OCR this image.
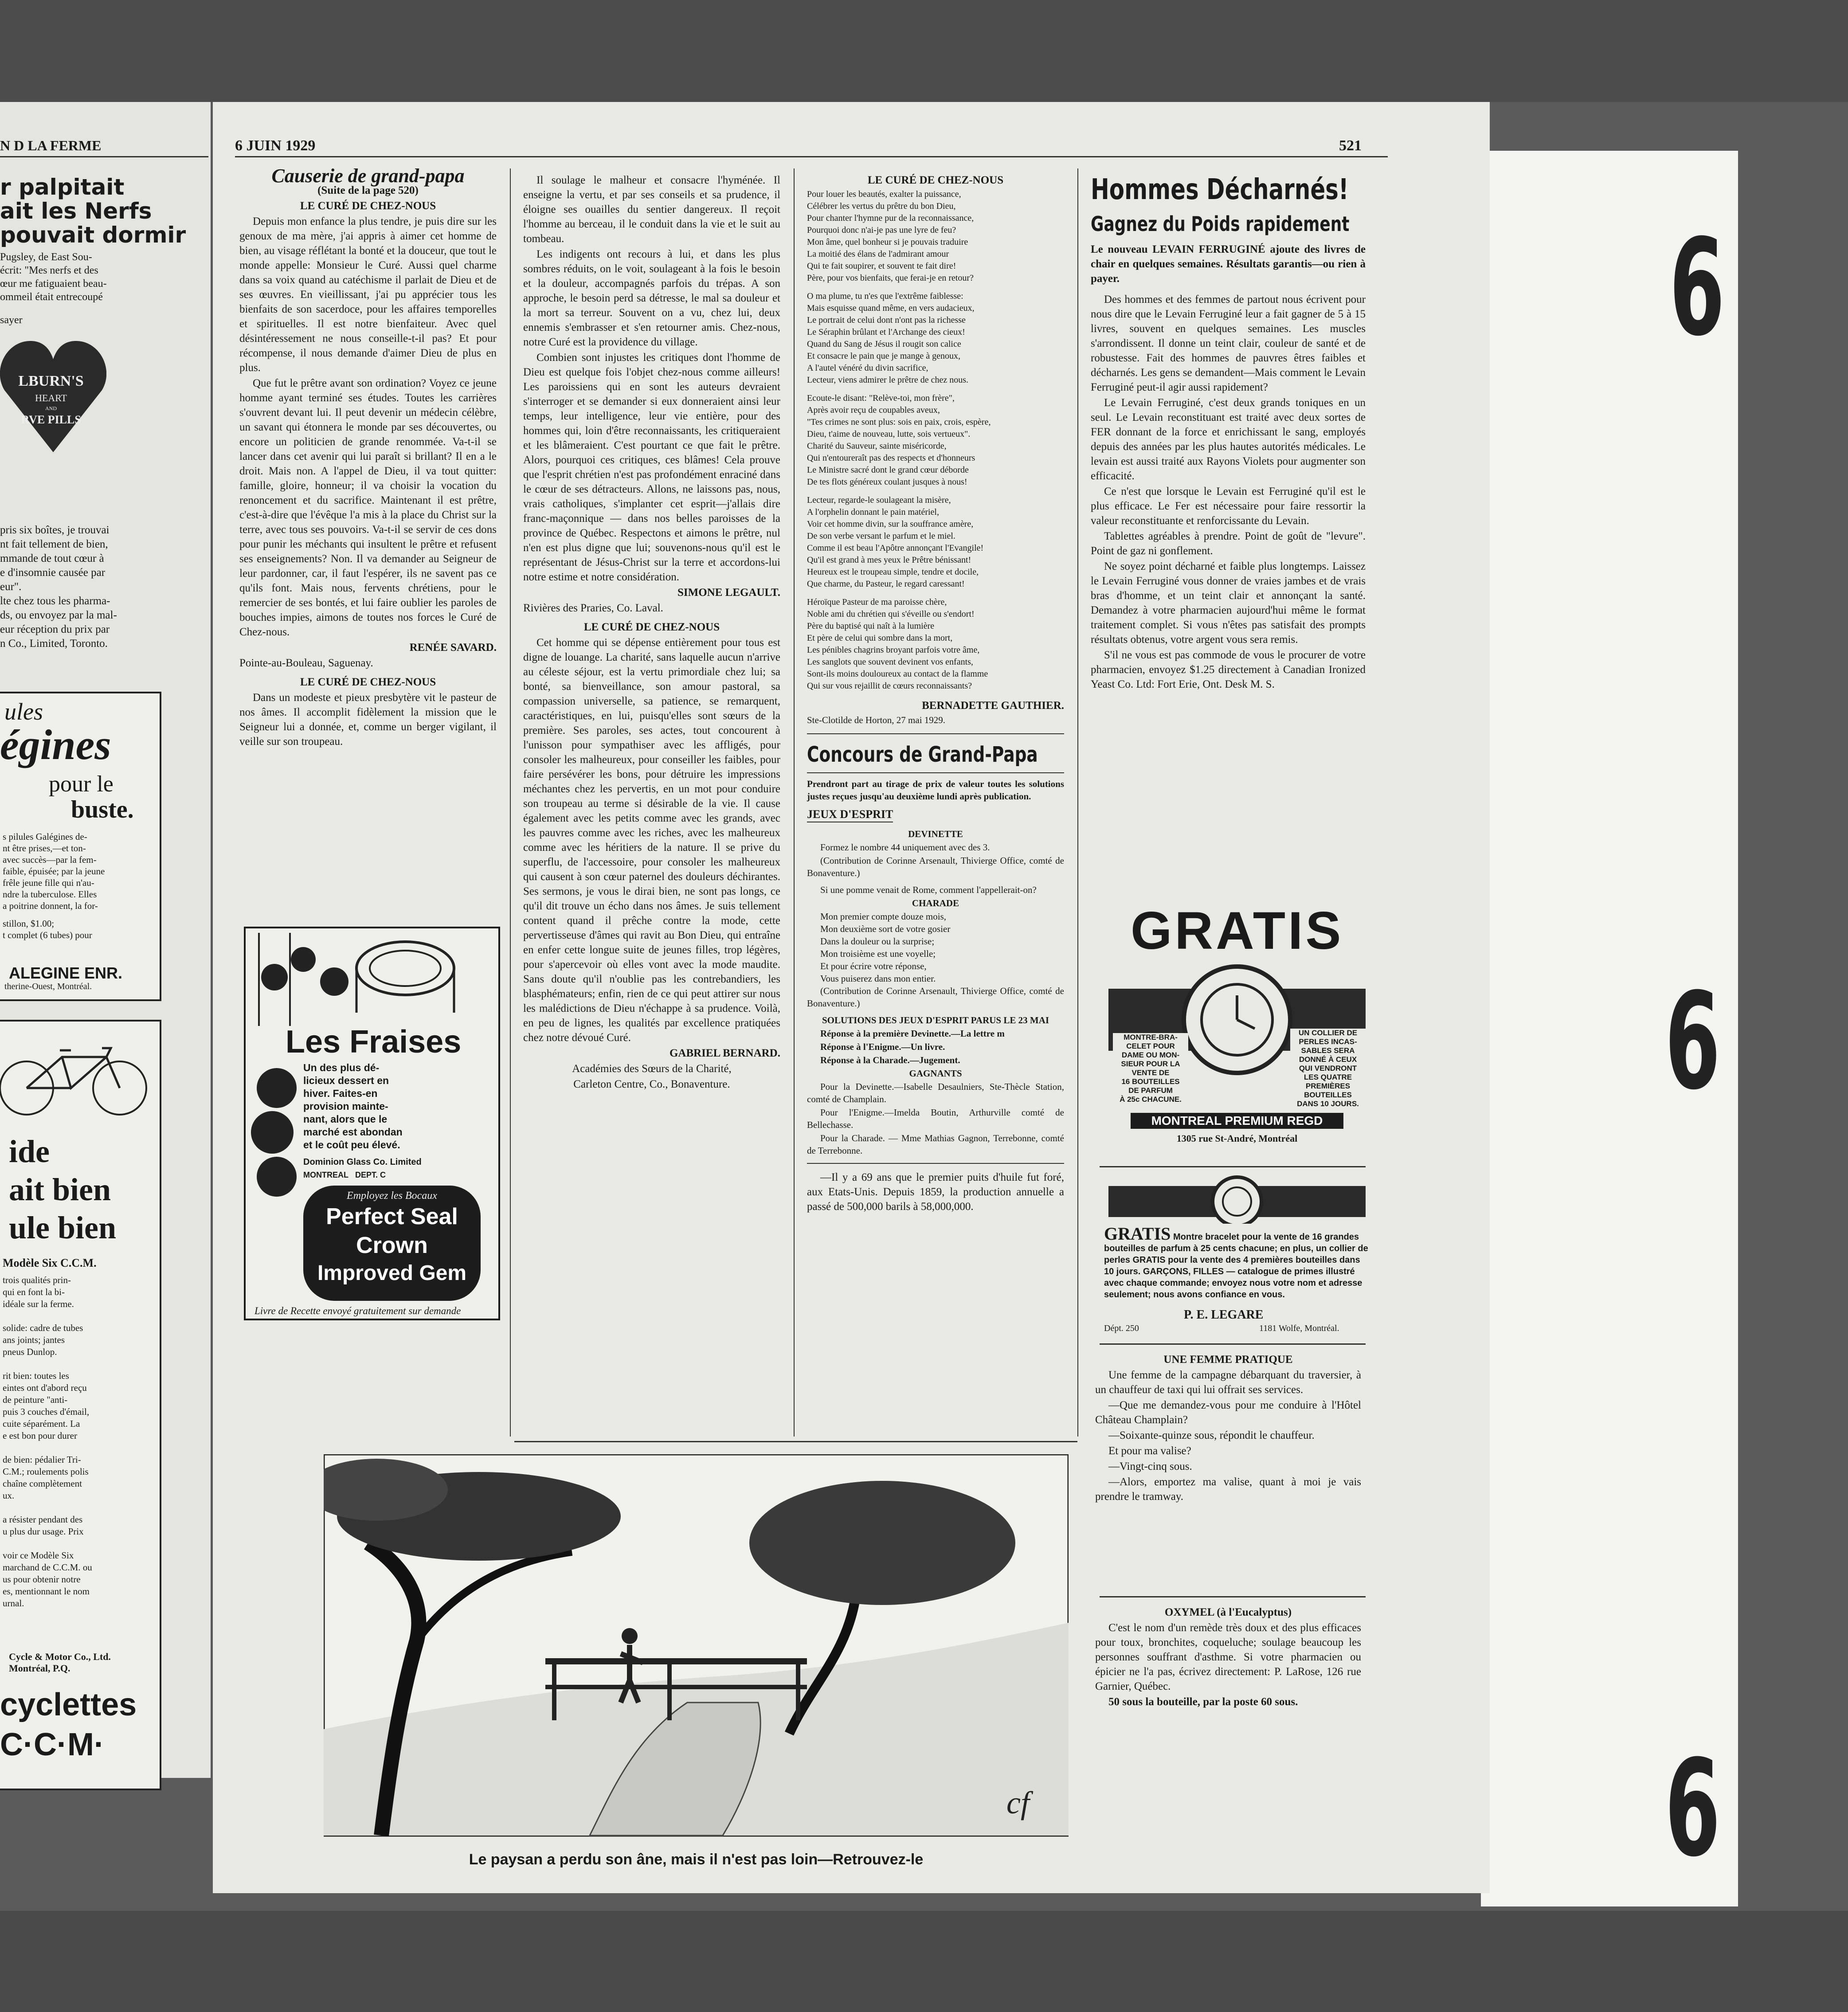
6
6
6
N D LA FERME
r palpitait
ait les Nerfs
pouvait dormir
Pugsley, de East Sou-
écrit: "Mes nerfs et des
œur me fatiguaient beau-
ommeil était entrecoupé
sayer
LBURN'S
HEART
AND
RVE PILLS
pris six boîtes, je trouvai
nt fait tellement de bien,
mmande de tout cœur à
e d'insomnie causée par
eur".
lte chez tous les pharma-
ds, ou envoyez par la mal-
eur réception du prix par
n Co., Limited, Toronto.
ules
égines
pour le
buste.
s pilules Galégines de-
nt être prises,—et ton-
avec succès—par la fem-
faible, épuisée; par la jeune
frêle jeune fille qui n'au-
ndre la tuberculose. Elles
a poitrine donnent, la for-
stillon, $1.00;
t complet (6 tubes) pour
ALEGINE ENR.
therine-Ouest, Montréal.
ide
ait bien
ule bien
Modèle Six C.C.M.
trois qualités prin-
qui en font la bi-
idéale sur la ferme.
solide: cadre de tubes
ans joints; jantes
pneus Dunlop.
rit bien: toutes les
eintes ont d'abord reçu
de peinture "anti-
puis 3 couches d'émail,
cuite séparément. La
e est bon pour durer
de bien: pédalier Tri-
C.M.; roulements polis
chaîne complètement
ux.
a résister pendant des
u plus dur usage. Prix
voir ce Modèle Six
marchand de C.C.M. ou
us pour obtenir notre
es, mentionnant le nom
urnal.
Cycle & Motor Co., Ltd.
Montréal, P.Q.
cyclettes
C·C·M·
6 JUIN 1929	521
Causerie de grand-papa

(Suite de la page 520)

LE CURÉ DE CHEZ-NOUS

Depuis mon enfance la plus tendre, je puis dire sur les genoux de ma mère, j'ai appris à aimer cet homme de bien, au visage réflétant la bonté et la douceur, que tout le monde appelle: Monsieur le Curé. Aussi quel charme dans sa voix quand au catéchisme il parlait de Dieu et de ses œuvres. En vieillissant, j'ai pu apprécier tous les bienfaits de son sacerdoce, pour les affaires temporelles et spirituelles. Il est notre bienfaiteur. Avec quel désintéressement ne nous conseille-t-il pas? Et pour récompense, il nous demande d'aimer Dieu de plus en plus.

Que fut le prêtre avant son ordination? Voyez ce jeune homme ayant terminé ses études. Toutes les carrières s'ouvrent devant lui. Il peut devenir un médecin célèbre, un savant qui étonnera le monde par ses découvertes, ou encore un politicien de grande renommée. Va-t-il se lancer dans cet avenir qui lui paraît si brillant? Il en a le droit. Mais non. A l'appel de Dieu, il va tout quitter: famille, gloire, honneur; il va choisir la vocation du renoncement et du sacrifice. Maintenant il est prêtre, c'est-à-dire que l'évêque l'a mis à la place du Christ sur la terre, avec tous ses pouvoirs. Va-t-il se servir de ces dons pour punir les méchants qui insultent le prêtre et refusent ses enseignements? Non. Il va demander au Seigneur de leur pardonner, car, il faut l'espérer, ils ne savent pas ce qu'ils font. Mais nous, fervents chrétiens, pour le remercier de ses bontés, et lui faire oublier les paroles de bouches impies, aimons de toutes nos forces le Curé de Chez-nous.

RENÉE SAVARD.

Pointe-au-Bouleau, Saguenay.

LE CURÉ DE CHEZ-NOUS

Dans un modeste et pieux presbytère vit le pasteur de nos âmes. Il accomplit fidèlement la mission que le Seigneur lui a donnée, et, comme un berger vigilant, il veille sur son troupeau.

Les Fraises
Un des plus dé-
licieux dessert en
hiver. Faites-en
provision mainte-
nant, alors que le
marché est abondan
et le coût peu élevé.
Dominion Glass Co. Limited
MONTREAL DEPT. C
Employez les Bocaux
Perfect Seal
Crown
Improved Gem
Livre de Recette envoyé gratuitement sur demande

Il soulage le malheur et consacre l'hyménée. Il enseigne la vertu, et par ses conseils et sa prudence, il éloigne ses ouailles du sentier dangereux. Il reçoit l'homme au berceau, il le conduit dans la vie et le suit au tombeau.

Les indigents ont recours à lui, et dans les plus sombres réduits, on le voit, soulageant à la fois le besoin et la douleur, accompagnés parfois du trépas. A son approche, le besoin perd sa détresse, le mal sa douleur et la mort sa terreur. Souvent on a vu, chez lui, deux ennemis s'embrasser et s'en retourner amis. Chez-nous, notre Curé est la providence du village.

Combien sont injustes les critiques dont l'homme de Dieu est quelque fois l'objet chez-nous comme ailleurs! Les paroissiens qui en sont les auteurs devraient s'interroger et se demander si eux donneraient ainsi leur temps, leur intelligence, leur vie entière, pour des hommes qui, loin d'être reconnaissants, les critiqueraient et les blâmeraient. C'est pourtant ce que fait le prêtre. Alors, pourquoi ces critiques, ces blâmes! Cela prouve que l'esprit chrétien n'est pas profondément enraciné dans le cœur de ses détracteurs. Allons, ne laissons pas, nous, vrais catholiques, s'implanter cet esprit—j'allais dire franc-maçonnique — dans nos belles paroisses de la province de Québec. Respectons et aimons le prêtre, nul n'en est plus digne que lui; souvenons-nous qu'il est le représentant de Jésus-Christ sur la terre et accordons-lui notre estime et notre considération.

SIMONE LEGAULT.

Rivières des Praries, Co. Laval.

LE CURÉ DE CHEZ-NOUS

Cet homme qui se dépense entièrement pour tous est digne de louange. La charité, sans laquelle aucun n'arrive au céleste séjour, est la vertu primordiale chez lui; sa bonté, sa bienveillance, son amour pastoral, sa compassion universelle, sa patience, se remarquent, caractéristiques, en lui, puisqu'elles sont sœurs de la première. Ses paroles, ses actes, tout concourent à l'unisson pour sympathiser avec les affligés, pour consoler les malheureux, pour conseiller les faibles, pour faire persévérer les bons, pour détruire les impressions méchantes chez les pervertis, en un mot pour conduire son troupeau au terme si désirable de la vie. Il cause également avec les petits comme avec les grands, avec les pauvres comme avec les riches, avec les malheureux comme avec les héritiers de la nature. Il se prive du superflu, de l'accessoire, pour consoler les malheureux qui causent à son cœur paternel des douleurs déchirantes. Ses sermons, je vous le dirai bien, ne sont pas longs, ce qu'il dit trouve un écho dans nos âmes. Je suis tellement content quand il prêche contre la mode, cette pervertisseuse d'âmes qui ravit au Bon Dieu, qui entraîne en enfer cette longue suite de jeunes filles, trop légères, pour s'apercevoir où elles vont avec la mode maudite. Sans doute qu'il n'oublie pas les contrebandiers, les blasphémateurs; enfin, rien de ce qui peut attirer sur nous les malédictions de Dieu n'échappe à sa prudence. Voilà, en peu de lignes, les qualités par excellence pratiquées chez notre dévoué Curé.

GABRIEL BERNARD.

Académies des Sœurs de la Charité,

Carleton Centre, Co., Bonaventure.

LE CURÉ DE CHEZ-NOUS

Pour louer les beautés, exalter la puissance,
Célébrer les vertus du prêtre du bon Dieu,
Pour chanter l'hymne pur de la reconnaissance,
Pourquoi donc n'ai-je pas une lyre de feu?
Mon âme, quel bonheur si je pouvais traduire
La moitié des élans de l'admirant amour
Qui te fait soupirer, et souvent te fait dire!
Père, pour vos bienfaits, que ferai-je en retour?
O ma plume, tu n'es que l'extrême faiblesse:
Mais esquisse quand même, en vers audacieux,
Le portrait de celui dont n'ont pas la richesse
Le Séraphin brûlant et l'Archange des cieux!
Quand du Sang de Jésus il rougit son calice
Et consacre le pain que je mange à genoux,
A l'autel vénéré du divin sacrifice,
Lecteur, viens admirer le prêtre de chez nous.
Ecoute-le disant: "Relève-toi, mon frère",
Après avoir reçu de coupables aveux,
"Tes crimes ne sont plus: sois en paix, crois, espère,
Dieu, t'aime de nouveau, lutte, sois vertueux".
Charité du Sauveur, sainte miséricorde,
Qui n'entoureraît pas des respects et d'honneurs
Le Ministre sacré dont le grand cœur déborde
De tes flots généreux coulant jusques à nous!
Lecteur, regarde-le soulageant la misère,
A l'orphelin donnant le pain matériel,
Voir cet homme divin, sur la souffrance amère,
De son verbe versant le parfum et le miel.
Comme il est beau l'Apôtre annonçant l'Evangile!
Qu'il est grand à mes yeux le Prêtre bénissant!
Heureux est le troupeau simple, tendre et docile,
Que charme, du Pasteur, le regard caressant!
Héroïque Pasteur de ma paroisse chère,
Noble ami du chrétien qui s'éveille ou s'endort!
Père du baptisé qui naît à la lumière
Et père de celui qui sombre dans la mort,
Les pénibles chagrins broyant parfois votre âme,
Les sanglots que souvent devinent vos enfants,
Sont-ils moins douloureux au contact de la flamme
Qui sur vous rejaillit de cœurs reconnaissants?

BERNADETTE GAUTHIER.

Ste-Clotilde de Horton, 27 mai 1929.

Concours de Grand-Papa

Prendront part au tirage de prix de valeur toutes les solutions justes reçues jusqu'au deuxième lundi après publication.

JEUX D'ESPRIT

DEVINETTE

Formez le nombre 44 uniquement avec des 3.

(Contribution de Corinne Arsenault, Thivierge Office, comté de Bonaventure.)

Si une pomme venait de Rome, comment l'appellerait-on?

CHARADE

Mon premier compte douze mois,
Mon deuxième sort de votre gosier
Dans la douleur ou la surprise;
Mon troisième est une voyelle;
Et pour écrire votre réponse,
Vous puiserez dans mon entier.

(Contribution de Corinne Arsenault, Thivierge Office, comté de Bonaventure.)

SOLUTIONS DES JEUX D'ESPRIT PARUS LE 23 MAI

Réponse à la première Devinette.—La lettre m

Réponse à l'Enigme.—Un livre.

Réponse à la Charade.—Jugement.

GAGNANTS

Pour la Devinette.—Isabelle Desaulniers, Ste-Thècle Station, comté de Champlain.

Pour l'Enigme.—Imelda Boutin, Arthurville comté de Bellechasse.

Pour la Charade. — Mme Mathias Gagnon, Terrebonne, comté de Terrebonne.

—Il y a 69 ans que le premier puits d'huile fut foré, aux Etats-Unis. Depuis 1859, la production annuelle a passé de 500,000 barils à 58,000,000.

Hommes Décharnés!
Gagnez du Poids rapidement

Le nouveau LEVAIN FERRUGINÉ ajoute des livres de chair en quelques semaines. Résultats garantis—ou rien à payer.

Des hommes et des femmes de partout nous écrivent pour nous dire que le Levain Ferruginé leur a fait gagner de 5 à 15 livres, souvent en quelques semaines. Les muscles s'arrondissent. Il donne un teint clair, couleur de santé et de robustesse. Fait des hommes de pauvres êtres faibles et décharnés. Les gens se demandent—Mais comment le Levain Ferruginé peut-il agir aussi rapidement?

Le Levain Ferruginé, c'est deux grands toniques en un seul. Le Levain reconstituant est traité avec deux sortes de FER donnant de la force et enrichissant le sang, employés depuis des années par les plus hautes autorités médicales. Le levain est aussi traité aux Rayons Violets pour augmenter son efficacité.

Ce n'est que lorsque le Levain est Ferruginé qu'il est le plus efficace. Le Fer est nécessaire pour faire ressortir la valeur reconstituante et renforcissante du Levain.

Tablettes agréables à prendre. Point de goût de "levure". Point de gaz ni gonflement.

Ne soyez point décharné et faible plus longtemps. Laissez le Levain Ferruginé vous donner de vraies jambes et de vrais bras d'homme, et un teint clair et annonçant la santé. Demandez à votre pharmacien aujourd'hui même le format traitement complet. Si vous n'êtes pas satisfait des prompts résultats obtenus, votre argent vous sera remis.

S'il ne vous est pas commode de vous le procurer de votre pharmacien, envoyez $1.25 directement à Canadian Ironized Yeast Co. Ltd: Fort Erie, Ont. Desk M. S.

GRATIS
MONTRE-BRA-
CELET POUR
DAME OU MON-
SIEUR POUR LA
VENTE DE
16 BOUTEILLES
DE PARFUM
À 25c CHACUNE.
UN COLLIER DE
PERLES INCAS-
SABLES SERA
DONNÉ À CEUX
QUI VENDRONT
LES QUATRE
PREMIÈRES
BOUTEILLES
DANS 10 JOURS.
MONTREAL PREMIUM REGD
1305 rue St-André, Montréal
GRATIS Montre bracelet pour la vente de 16 grandes bouteilles de parfum à 25 cents chacune; en plus, un collier de perles GRATIS pour la vente des 4 premières bouteilles dans 10 jours. GARÇONS, FILLES — catalogue de primes illustré avec chaque commande; envoyez nous votre nom et adresse seulement; nous avons confiance en vous.
P. E. LEGARE
Dépt. 250	1181 Wolfe, Montréal.

UNE FEMME PRATIQUE

Une femme de la campagne débarquant du traversier, à un chauffeur de taxi qui lui offrait ses services.

—Que me demandez-vous pour me conduire à l'Hôtel Château Champlain?

—Soixante-quinze sous, répondit le chauffeur.

Et pour ma valise?

—Vingt-cinq sous.

—Alors, emportez ma valise, quant à moi je vais prendre le tramway.

OXYMEL (à l'Eucalyptus)

C'est le nom d'un remède très doux et des plus efficaces pour toux, bronchites, coqueluche; soulage beaucoup les personnes souffrant d'asthme. Si votre pharmacien ou épicier ne l'a pas, écrivez directement: P. LaRose, 126 rue Garnier, Québec.

50 sous la bouteille, par la poste 60 sous.

cf
Le paysan a perdu son âne, mais il n'est pas loin—Retrouvez-le
